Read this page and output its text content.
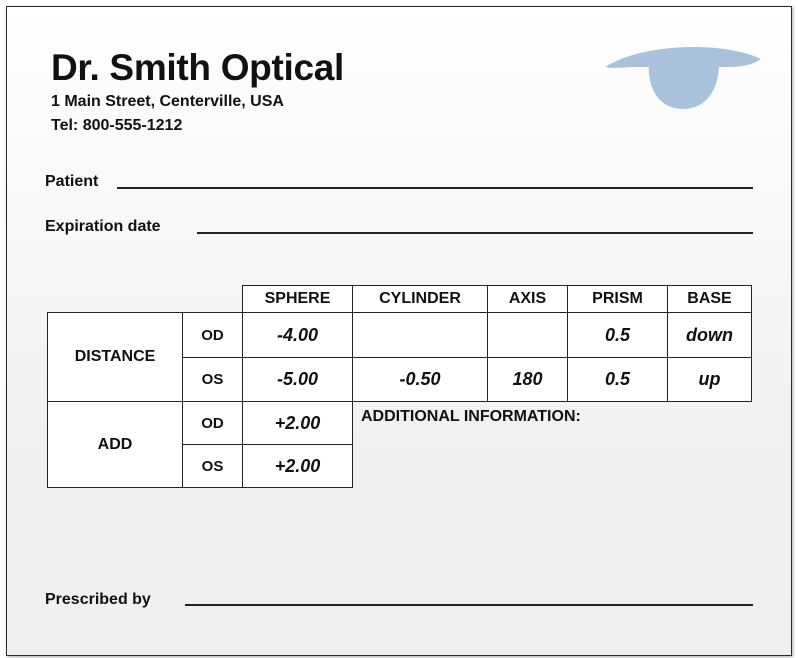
Dr. Smith Optical
1 Main Street, Centerville, USA
Tel: 800-555-1212
Patient
Expiration date
		SPHERE	CYLINDER	AXIS	PRISM	BASE
DISTANCE	OD	-4.00			0.5	down
	OS	-5.00	-0.50	180	0.5	up
ADD	OD	+2.00	ADDITIONAL INFORMATION:			

	OS	+2.00				
Prescribed by
